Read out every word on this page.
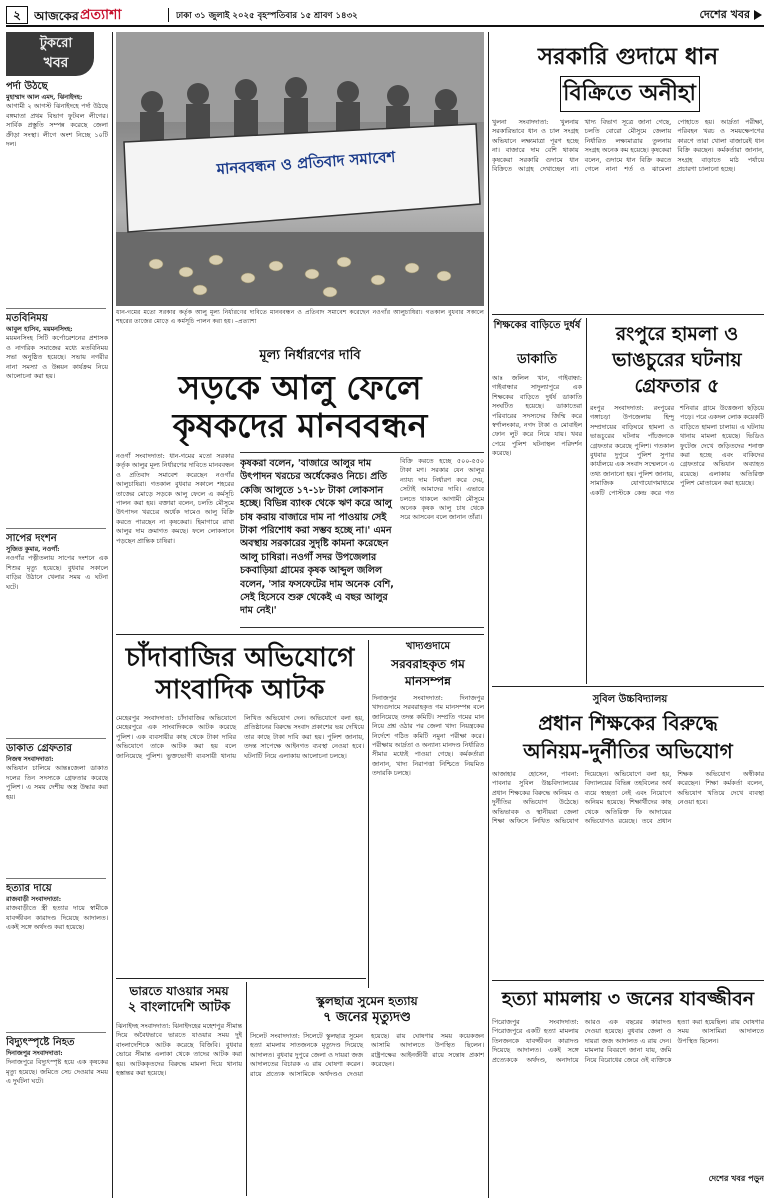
২	আজকের প্রত্যাশা	ঢাকা ৩১ জুলাই ২০২৫ বৃহস্পতিবার ১৫ শ্রাবণ ১৪৩২	দেশের খবর
টুকরো
খবর
পর্দা উঠছে
মুহাম্মাদ আল এমদ, ঝিনাইদহ:

আগামী ২ আগস্ট ঝিনাইদহে পর্দা উঠছে বঙ্গমাতা প্রথম বিভাগ ফুটবল লীগের। সার্বিক প্রস্তুতি সম্পন্ন করেছে জেলা ক্রীড়া সংস্থা। লীগে অংশ নিচ্ছে ১০টি দল।

মতবিনিময়
আবুল হাসিব, ময়মনসিংহ:

ময়মনসিংহ সিটি কর্পোরেশনের প্রশাসক ও নাগরিক সমাজের মধ্যে মতবিনিময় সভা অনুষ্ঠিত হয়েছে। সভায় নগরীর নানা সমস্যা ও উন্নয়ন কার্যক্রম নিয়ে আলোচনা করা হয়।

সাপের দংশন
সুজিত কুমার, নওগাঁ:

নওগাঁর পত্নীতলায় সাপের দংশনে এক শিশুর মৃত্যু হয়েছে। বুধবার সকালে বাড়ির উঠানে খেলার সময় এ ঘটনা ঘটে।

ডাকাত গ্রেফতার
নিজস্ব সংবাদদাতা:

অভিযান চালিয়ে আন্তঃজেলা ডাকাত দলের তিন সদস্যকে গ্রেফতার করেছে পুলিশ। এ সময় দেশীয় অস্ত্র উদ্ধার করা হয়।

হত্যার দায়ে
রাজবাড়ী সংবাদদাতা:

রাজবাড়ীতে স্ত্রী হত্যার দায়ে স্বামীকে যাবজ্জীবন কারাদণ্ড দিয়েছে আদালত। একই সঙ্গে অর্থদণ্ড করা হয়েছে।

বিদ্যুৎস্পৃষ্টে নিহত
দিনাজপুর সংবাদদাতা:

দিনাজপুরে বিদ্যুৎস্পৃষ্ট হয়ে এক কৃষকের মৃত্যু হয়েছে। জমিতে সেচ দেওয়ার সময় এ দুর্ঘটনা ঘটে।

মানববন্ধন ও প্রতিবাদ সমাবেশ
ধান-গমের মতো সরকার কর্তৃক আলু মূল্য নির্ধারণের দাবিতে মানববন্ধন ও প্রতিবাদ সমাবেশ করেছেন নওগাঁর আলুচাষিরা। গতকাল বুধবার সকালে শহরের তাজের মোড়ে এ কর্মসূচি পালন করা হয়। –প্রত্যাশা
মূল্য নির্ধারণের দাবি
সড়কে আলু ফেলে
কৃষকদের মানববন্ধন
নওগাঁ সংবাদদাতা: ধান-গমের মতো সরকার কর্তৃক আলুর মূল্য নির্ধারণের দাবিতে মানববন্ধন ও প্রতিবাদ সমাবেশ করেছেন নওগাঁর আলুচাষিরা। গতকাল বুধবার সকালে শহরের তাজের মোড়ে সড়কে আলু ফেলে এ কর্মসূচি পালন করা হয়। বক্তারা বলেন, চলতি মৌসুমে উৎপাদন খরচের অর্ধেক দামেও আলু বিক্রি করতে পারছেন না কৃষকেরা। হিমাগারে রাখা আলুর দাম ক্রমাগত কমছে। ফলে লোকসানে পড়ছেন প্রান্তিক চাষিরা।
কৃষকরা বলেন, 'বাজারে আলুর দাম উৎপাদন খরচের অর্ধেকেরও নিচে। প্রতি কেজি আলুতে ১৭-১৮ টাকা লোকসান হচ্ছে। বিভিন্ন ব্যাংক থেকে ঋণ করে আলু চাষ করায় বাজারে দাম না পাওয়ায় সেই টাকা পরিশোধ করা সম্ভব হচ্ছে না।' এমন অবস্থায় সরকারের সুদৃষ্টি কামনা করেছেন আলু চাষিরা। নওগাঁ সদর উপজেলার চকবাড়িয়া গ্রামের কৃষক আব্দুল জলিল বলেন, 'সার ফসফেটের দাম অনেক বেশি, সেই হিসেবে শুরু থেকেই এ বছর আলুর দাম নেই।'
বিক্রি করতে হচ্ছে ৫০০-৫৫০ টাকা মণ। সরকার যেন আলুর ন্যায্য দাম নির্ধারণ করে দেয়, সেটাই আমাদের দাবি। এভাবে চলতে থাকলে আগামী মৌসুমে অনেক কৃষক আলু চাষ থেকে সরে আসবেন বলে জানান তাঁরা।
চাঁদাবাজির অভিযোগে
সাংবাদিক আটক
মেহেরপুর সংবাদদাতা: চাঁদাবাজির অভিযোগে মেহেরপুরে এক সাংবাদিককে আটক করেছে পুলিশ। এক ব্যবসায়ীর কাছ থেকে টাকা দাবির অভিযোগে তাকে আটক করা হয় বলে জানিয়েছে পুলিশ। ভুক্তভোগী ব্যবসায়ী থানায় লিখিত অভিযোগ দেন। অভিযোগে বলা হয়, প্রতিষ্ঠানের বিরুদ্ধে সংবাদ প্রকাশের ভয় দেখিয়ে তার কাছে টাকা দাবি করা হয়। পুলিশ জানায়, তদন্ত সাপেক্ষে আইনগত ব্যবস্থা নেওয়া হবে। ঘটনাটি নিয়ে এলাকায় আলোচনা চলছে।
খাদ্যগুদামে
সরবরাহকৃত গম
মানসম্পন্ন
দিনাজপুর সংবাদদাতা: দিনাজপুর খাদ্যগুদামে সরবরাহকৃত গম মানসম্পন্ন বলে জানিয়েছে তদন্ত কমিটি। সম্প্রতি গমের মান নিয়ে প্রশ্ন ওঠার পর জেলা খাদ্য নিয়ন্ত্রকের নির্দেশে গঠিত কমিটি নমুনা পরীক্ষা করে। পরীক্ষায় আর্দ্রতা ও অন্যান্য মানদণ্ড নির্ধারিত সীমার মধ্যেই পাওয়া গেছে। কর্মকর্তারা জানান, খাদ্য নিরাপত্তা নিশ্চিতে নিয়মিত তদারকি চলছে।
ভারতে যাওয়ার সময়
২ বাংলাদেশি আটক
ঝিনাইদহ সংবাদদাতা: ঝিনাইদহের মহেশপুর সীমান্ত দিয়ে অবৈধভাবে ভারতে যাওয়ার সময় দুই বাংলাদেশিকে আটক করেছে বিজিবি। বুধবার ভোরে সীমান্ত এলাকা থেকে তাদের আটক করা হয়। আটককৃতদের বিরুদ্ধে মামলা দিয়ে থানায় হস্তান্তর করা হয়েছে।
স্কুলছাত্র সুমেন হত্যায়
৭ জনের মৃত্যুদণ্ড
সিলেট সংবাদদাতা: সিলেটে স্কুলছাত্র সুমেন হত্যা মামলায় সাতজনকে মৃত্যুদণ্ড দিয়েছে আদালত। বুধবার দুপুরে জেলা ও দায়রা জজ আদালতের বিচারক এ রায় ঘোষণা করেন। রায়ে প্রত্যেক আসামিকে অর্থদণ্ডও দেওয়া হয়েছে। রায় ঘোষণার সময় কয়েকজন আসামি আদালতে উপস্থিত ছিলেন। রাষ্ট্রপক্ষের আইনজীবী রায়ে সন্তোষ প্রকাশ করেছেন।
সরকারি গুদামে ধান
বিক্রিতে অনীহা
খুলনা সংবাদদাতা: খুলনায় সরকারিভাবে ধান ও চাল সংগ্রহ অভিযানে লক্ষ্যমাত্রা পূরণ হচ্ছে না। বাজারে দাম বেশি থাকায় কৃষকেরা সরকারি গুদামে ধান বিক্রিতে আগ্রহ দেখাচ্ছেন না। খাদ্য বিভাগ সূত্রে জানা গেছে, চলতি বোরো মৌসুমে জেলায় নির্ধারিত লক্ষ্যমাত্রার তুলনায় সংগ্রহ অনেক কম হয়েছে। কৃষকেরা বলেন, গুদামে ধান বিক্রি করতে গেলে নানা শর্ত ও ঝামেলা পোহাতে হয়। আর্দ্রতা পরীক্ষা, পরিবহন খরচ ও সময়ক্ষেপণের কারণে তারা খোলা বাজারেই ধান বিক্রি করছেন। কর্মকর্তারা জানান, সংগ্রহ বাড়াতে মাঠ পর্যায়ে প্রচারণা চালানো হচ্ছে।
শিক্ষকের বাড়িতে দুর্ধর্ষ
ডাকাতি
আঃ জলিল খান, গাইবান্ধা: গাইবান্ধার সাদুল্যাপুরে এক শিক্ষকের বাড়িতে দুর্ধর্ষ ডাকাতি সংঘটিত হয়েছে। ডাকাতেরা পরিবারের সদস্যদের জিম্মি করে স্বর্ণালংকার, নগদ টাকা ও মোবাইল ফোন লুট করে নিয়ে যায়। খবর পেয়ে পুলিশ ঘটনাস্থল পরিদর্শন করেছে।
রংপুরে হামলা ও
ভাঙচুরের ঘটনায়
গ্রেফতার ৫
রংপুর সংবাদদাতা: রংপুরের গঙ্গাচড়া উপজেলায় হিন্দু সম্প্রদায়ের বাড়িঘরে হামলা ও ভাঙচুরের ঘটনায় পাঁচজনকে গ্রেফতার করেছে পুলিশ। গতকাল বুধবার দুপুরে পুলিশ সুপার কার্যালয়ে এক সংবাদ সম্মেলনে এ তথ্য জানানো হয়। পুলিশ জানায়, সামাজিক যোগাযোগমাধ্যমে একটি পোস্টকে কেন্দ্র করে গত শনিবার গ্রামে উত্তেজনা ছড়িয়ে পড়ে। পরে একদল লোক কয়েকটি বাড়িতে হামলা চালায়। এ ঘটনায় থানায় মামলা হয়েছে। ভিডিও ফুটেজ দেখে জড়িতদের শনাক্ত করা হচ্ছে এবং বাকিদের গ্রেফতারে অভিযান অব্যাহত রয়েছে। এলাকায় অতিরিক্ত পুলিশ মোতায়েন করা হয়েছে।
সুবিল উচ্চবিদ্যালয়
প্রধান শিক্ষকের বিরুদ্ধে
অনিয়ম-দুর্নীতির অভিযোগ
আজাহার হোসেন, পাবনা: পাবনার সুবিল উচ্চবিদ্যালয়ের প্রধান শিক্ষকের বিরুদ্ধে অনিয়ম ও দুর্নীতির অভিযোগ উঠেছে। অভিভাবক ও স্থানীয়রা জেলা শিক্ষা অফিসে লিখিত অভিযোগ দিয়েছেন। অভিযোগে বলা হয়, বিদ্যালয়ের বিভিন্ন তহবিলের অর্থ ব্যয়ে স্বচ্ছতা নেই এবং নিয়োগে অনিয়ম হয়েছে। শিক্ষার্থীদের কাছ থেকে অতিরিক্ত ফি আদায়ের অভিযোগও রয়েছে। তবে প্রধান শিক্ষক অভিযোগ অস্বীকার করেছেন। শিক্ষা কর্মকর্তা বলেন, অভিযোগ খতিয়ে দেখে ব্যবস্থা নেওয়া হবে।
হত্যা মামলায় ৩ জনের যাবজ্জীবন
পিরোজপুর সংবাদদাতা: পিরোজপুরে একটি হত্যা মামলায় তিনজনকে যাবজ্জীবন কারাদণ্ড দিয়েছে আদালত। একই সঙ্গে প্রত্যেককে অর্থদণ্ড, অনাদায়ে আরও এক বছরের কারাদণ্ড দেওয়া হয়েছে। বুধবার জেলা ও দায়রা জজ আদালত এ রায় দেন। মামলার বিবরণে জানা যায়, জমি নিয়ে বিরোধের জেরে ওই ব্যক্তিকে হত্যা করা হয়েছিল। রায় ঘোষণার সময় আসামিরা আদালতে উপস্থিত ছিলেন।
দেশের খবর পড়ুন
